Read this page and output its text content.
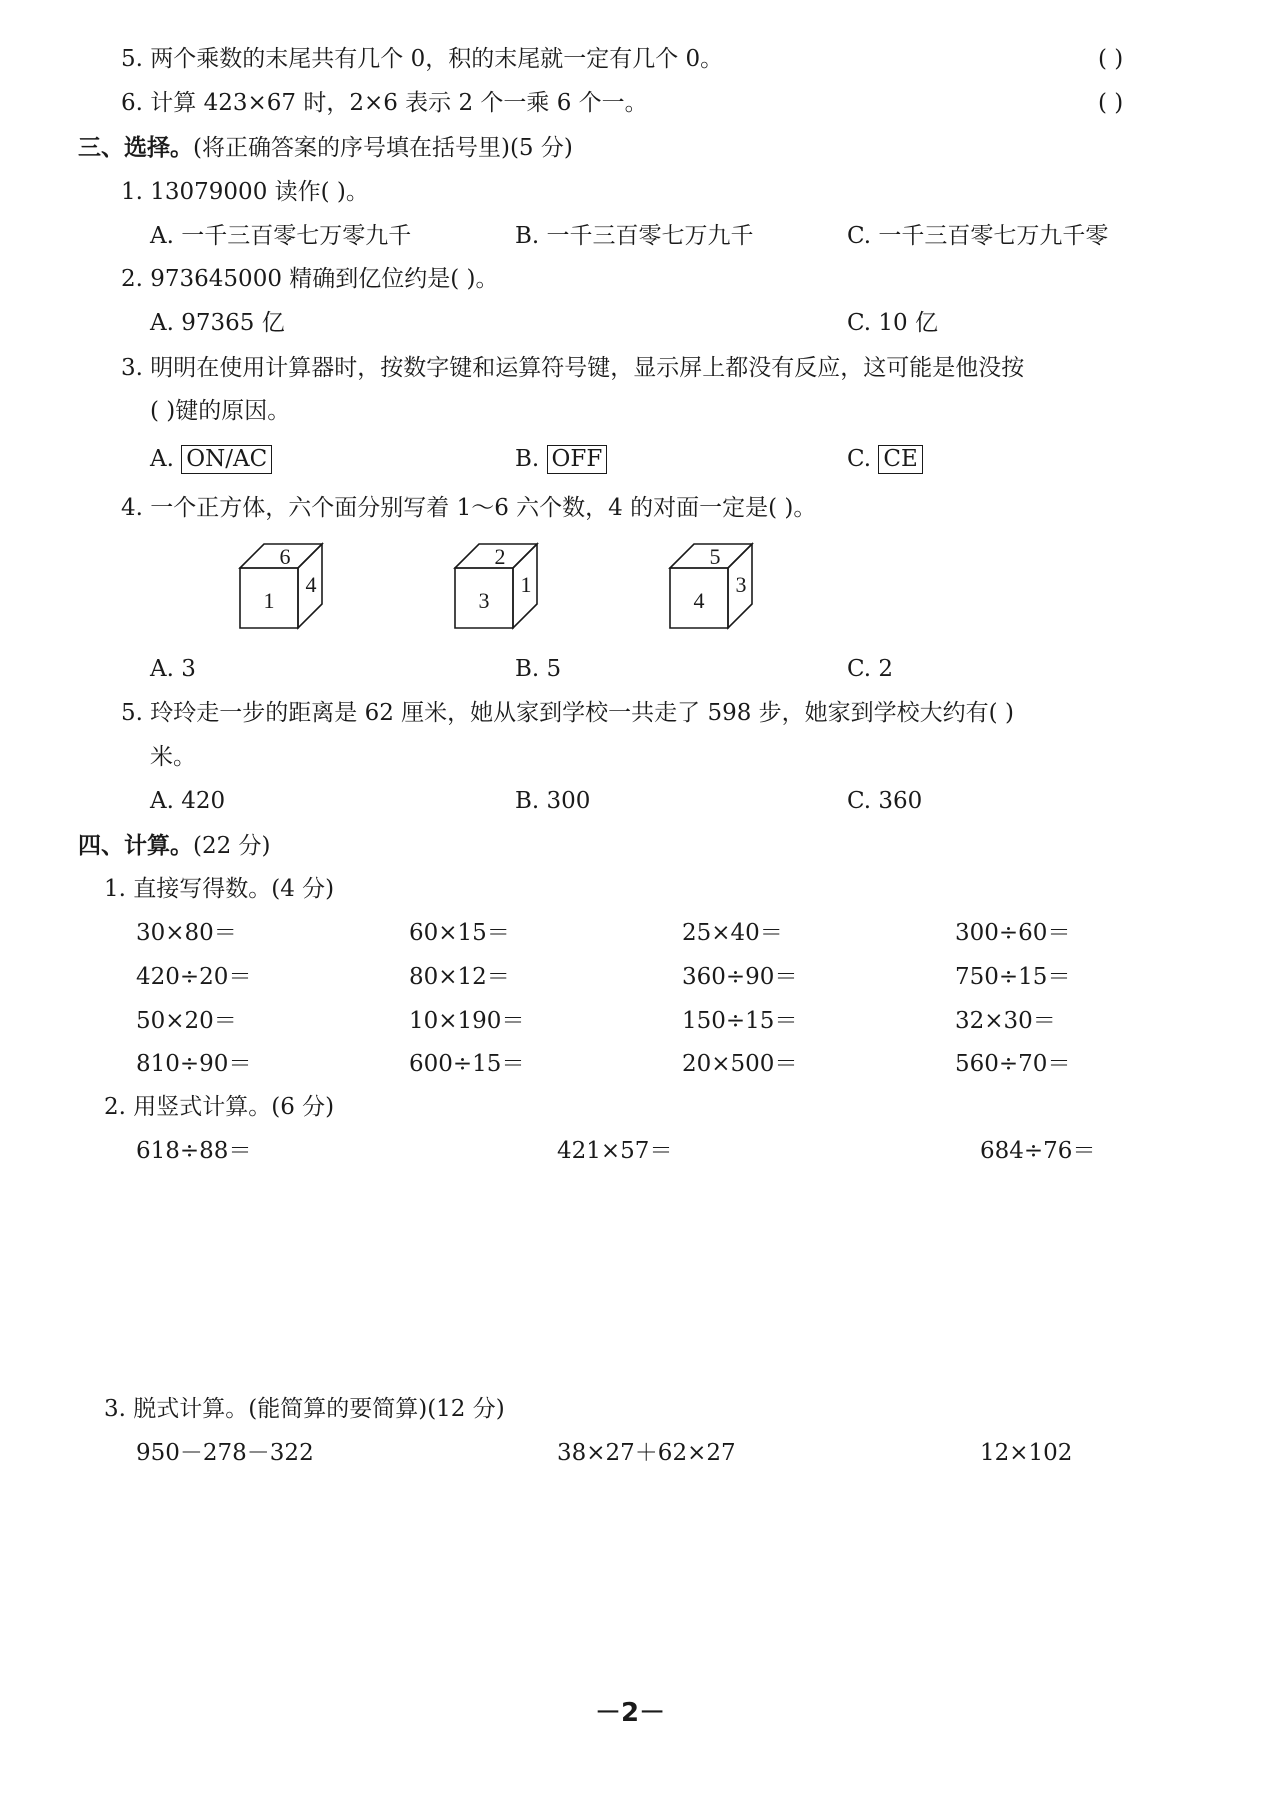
5. 两个乘数的末尾共有几个 0，积的末尾就一定有几个 0。	( )
6. 计算 423×67 时，2×6 表示 2 个一乘 6 个一。	( )
三、选择。(将正确答案的序号填在括号里)(5 分)
1. 13079000 读作( )。
A. 一千三百零七万零九千	B. 一千三百零七万九千	C. 一千三百零七万九千零
2. 973645000 精确到亿位约是( )。
A. 97365 亿	C. 10 亿
3. 明明在使用计算器时，按数字键和运算符号键，显示屏上都没有反应，这可能是他没按
( )键的原因。
A. ON/AC	B. OFF	C. CE
4. 一个正方体，六个面分别写着 1～6 六个数，4 的对面一定是( )。
6
1
4
2
3
1
5
4
3
A. 3	B. 5	C. 2
5. 玲玲走一步的距离是 62 厘米，她从家到学校一共走了 598 步，她家到学校大约有( )
米。
A. 420	B. 300	C. 360
四、计算。(22 分)
1. 直接写得数。(4 分)
30×80＝	60×15＝	25×40＝	300÷60＝
420÷20＝	80×12＝	360÷90＝	750÷15＝
50×20＝	10×190＝	150÷15＝	32×30＝
810÷90＝	600÷15＝	20×500＝	560÷70＝
2. 用竖式计算。(6 分)
618÷88＝	421×57＝	684÷76＝
3. 脱式计算。(能简算的要简算)(12 分)
950－278－322	38×27＋62×27	12×102
－2－
